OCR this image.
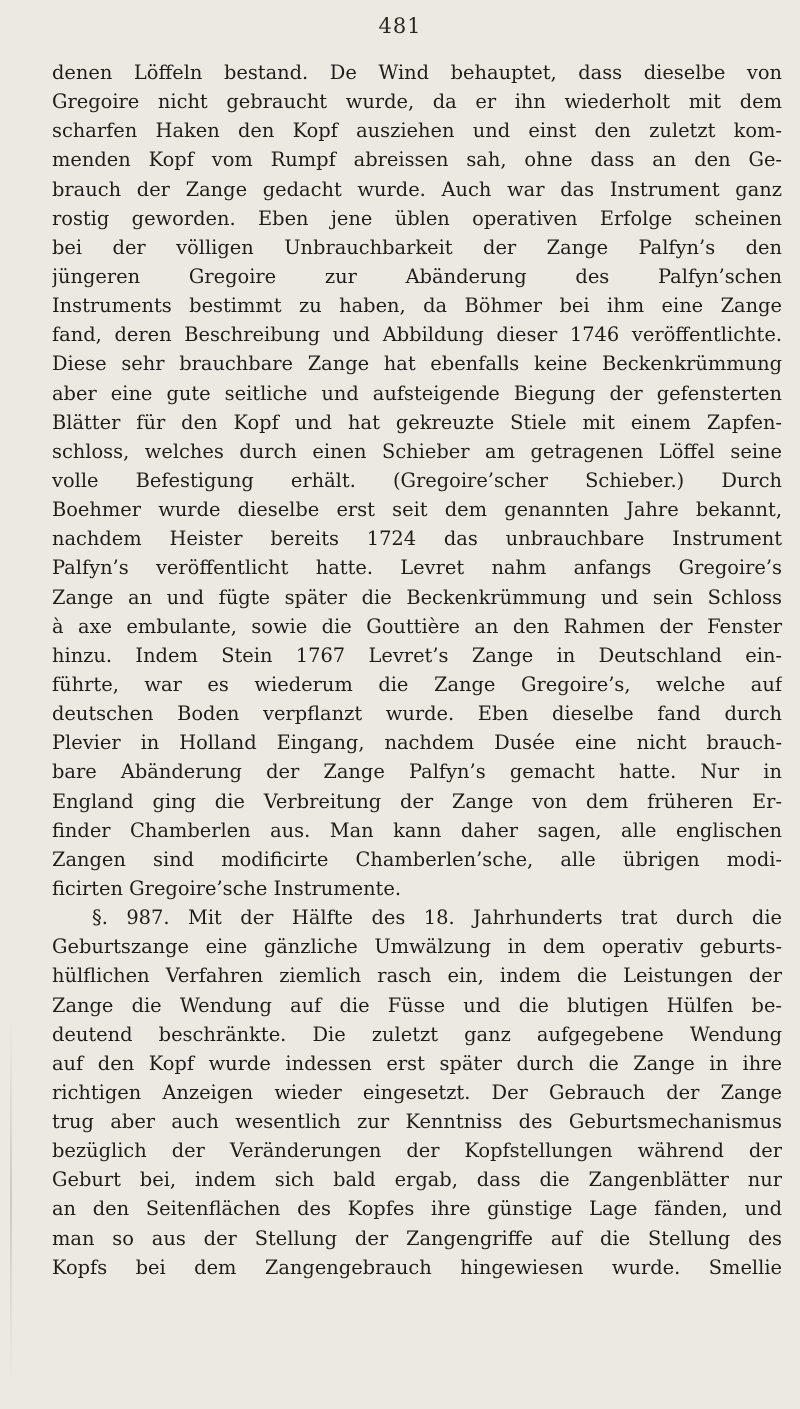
481
denen Löffeln bestand. De Wind behauptet, dass dieselbe von
Gregoire nicht gebraucht wurde, da er ihn wiederholt mit dem
scharfen Haken den Kopf ausziehen und einst den zuletzt kom-
menden Kopf vom Rumpf abreissen sah, ohne dass an den Ge-
brauch der Zange gedacht wurde. Auch war das Instrument ganz
rostig geworden. Eben jene üblen operativen Erfolge scheinen
bei der völligen Unbrauchbarkeit der Zange Palfyn’s den
jüngeren Gregoire zur Abänderung des Palfyn’schen
Instruments bestimmt zu haben, da Böhmer bei ihm eine Zange
fand, deren Beschreibung und Abbildung dieser 1746 veröffentlichte.
Diese sehr brauchbare Zange hat ebenfalls keine Beckenkrümmung
aber eine gute seitliche und aufsteigende Biegung der gefensterten
Blätter für den Kopf und hat gekreuzte Stiele mit einem Zapfen-
schloss, welches durch einen Schieber am getragenen Löffel seine
volle Befestigung erhält. (Gregoire’scher Schieber.) Durch
Boehmer wurde dieselbe erst seit dem genannten Jahre bekannt,
nachdem Heister bereits 1724 das unbrauchbare Instrument
Palfyn’s veröffentlicht hatte. Levret nahm anfangs Gregoire’s
Zange an und fügte später die Beckenkrümmung und sein Schloss
à axe embulante, sowie die Gouttière an den Rahmen der Fenster
hinzu. Indem Stein 1767 Levret’s Zange in Deutschland ein-
führte, war es wiederum die Zange Gregoire’s, welche auf
deutschen Boden verpflanzt wurde. Eben dieselbe fand durch
Plevier in Holland Eingang, nachdem Dusée eine nicht brauch-
bare Abänderung der Zange Palfyn’s gemacht hatte. Nur in
England ging die Verbreitung der Zange von dem früheren Er-
finder Chamberlen aus. Man kann daher sagen, alle englischen
Zangen sind modificirte Chamberlen’sche, alle übrigen modi-
ficirten Gregoire’sche Instrumente.
§. 987. Mit der Hälfte des 18. Jahrhunderts trat durch die
Geburtszange eine gänzliche Umwälzung in dem operativ geburts-
hülflichen Verfahren ziemlich rasch ein, indem die Leistungen der
Zange die Wendung auf die Füsse und die blutigen Hülfen be-
deutend beschränkte. Die zuletzt ganz aufgegebene Wendung
auf den Kopf wurde indessen erst später durch die Zange in ihre
richtigen Anzeigen wieder eingesetzt. Der Gebrauch der Zange
trug aber auch wesentlich zur Kenntniss des Geburtsmechanismus
bezüglich der Veränderungen der Kopfstellungen während der
Geburt bei, indem sich bald ergab, dass die Zangenblätter nur
an den Seitenflächen des Kopfes ihre günstige Lage fänden, und
man so aus der Stellung der Zangengriffe auf die Stellung des
Kopfs bei dem Zangengebrauch hingewiesen wurde. Smellie
